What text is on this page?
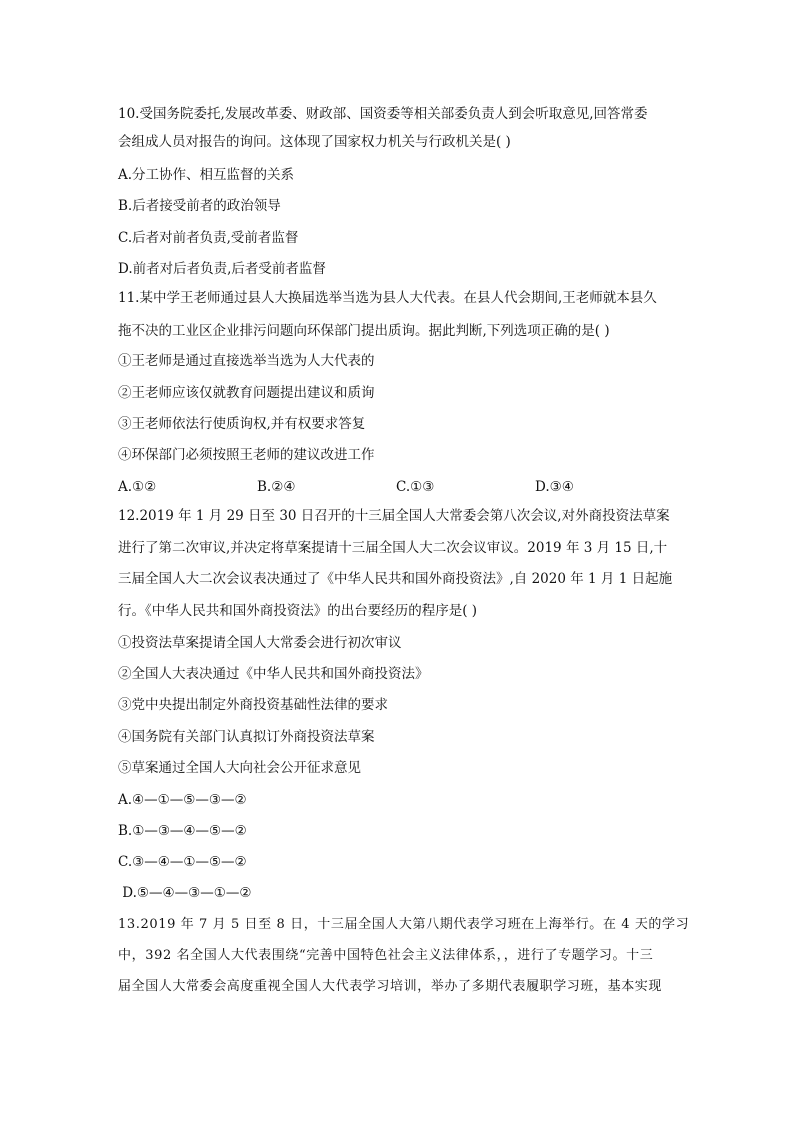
10.受国务院委托,发展改革委、财政部、国资委等相关部委负责人到会听取意见,回答常委
会组成人员对报告的询问。这体现了国家权力机关与行政机关是( )
A.分工协作、相互监督的关系
B.后者接受前者的政治领导
C.后者对前者负责,受前者监督
D.前者对后者负责,后者受前者监督
11.某中学王老师通过县人大换届选举当选为县人大代表。在县人代会期间,王老师就本县久
拖不决的工业区企业排污问题向环保部门提出质询。据此判断,下列选项正确的是( )
①王老师是通过直接选举当选为人大代表的
②王老师应该仅就教育问题提出建议和质询
③王老师依法行使质询权,并有权要求答复
④环保部门必须按照王老师的建议改进工作
A.①②	B.②④	C.①③	D.③④
12.2019 年 1 月 29 日至 30 日召开的十三届全国人大常委会第八次会议,对外商投资法草案
进行了第二次审议,并决定将草案提请十三届全国人大二次会议审议。2019 年 3 月 15 日,十
三届全国人大二次会议表决通过了《中华人民共和国外商投资法》,自 2020 年 1 月 1 日起施
行。《中华人民共和国外商投资法》的出台要经历的程序是( )
①投资法草案提请全国人大常委会进行初次审议
②全国人大表决通过《中华人民共和国外商投资法》
③党中央提出制定外商投资基础性法律的要求
④国务院有关部门认真拟订外商投资法草案
⑤草案通过全国人大向社会公开征求意见
A.④—①—⑤—③—②
B.①—③—④—⑤—②
C.③—④—①—⑤—②
D.⑤—④—③—①—②
13.2019 年 7 月 5 日至 8 日，十三届全国人大第八期代表学习班在上海举行。在 4 天的学习
中，392 名全国人大代表围绕“完善中国特色社会主义法律体系，，进行了专题学习。十三
届全国人大常委会高度重视全国人大代表学习培训，举办了多期代表履职学习班，基本实现
